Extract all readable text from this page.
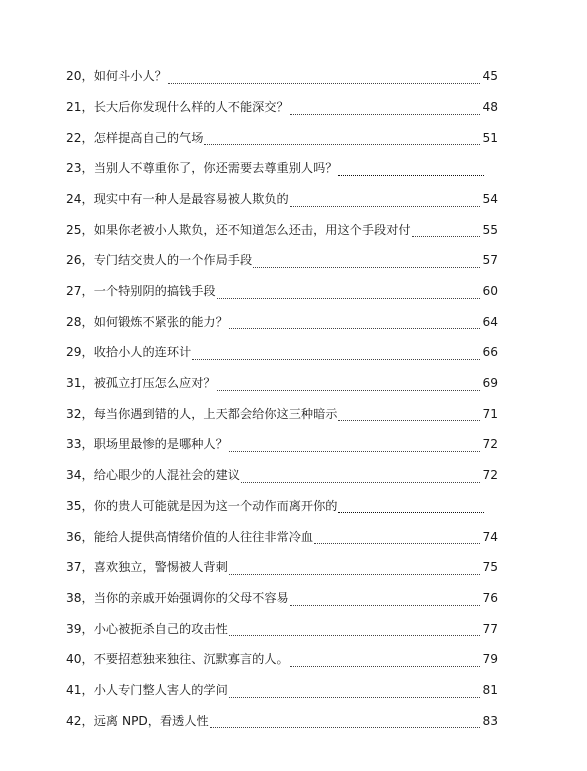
20， 如何斗小人？	45
21， 长大后你发现什么样的人不能深交？	48
22， 怎样提高自己的气场	51
23， 当别人不尊重你了，你还需要去尊重别人吗？
24， 现实中有一种人是最容易被人欺负的	54
25， 如果你老被小人欺负，还不知道怎么还击，用这个手段对付	55
26， 专门结交贵人的一个作局手段	57
27， 一个特别阴的搞钱手段	60
28， 如何锻炼不紧张的能力？	64
29， 收拾小人的连环计	66
31， 被孤立打压怎么应对？	69
32， 每当你遇到错的人，上天都会给你这三种暗示	71
33， 职场里最惨的是哪种人？	72
34， 给心眼少的人混社会的建议	72
35， 你的贵人可能就是因为这一个动作而离开你的
36， 能给人提供高情绪价值的人往往非常冷血	74
37， 喜欢独立，警惕被人背刺	75
38， 当你的亲戚开始强调你的父母不容易	76
39， 小心被扼杀自己的攻击性	77
40， 不要招惹独来独往、沉默寡言的人。	79
41， 小人专门整人害人的学问	81
42， 远离 NPD，看透人性	83
